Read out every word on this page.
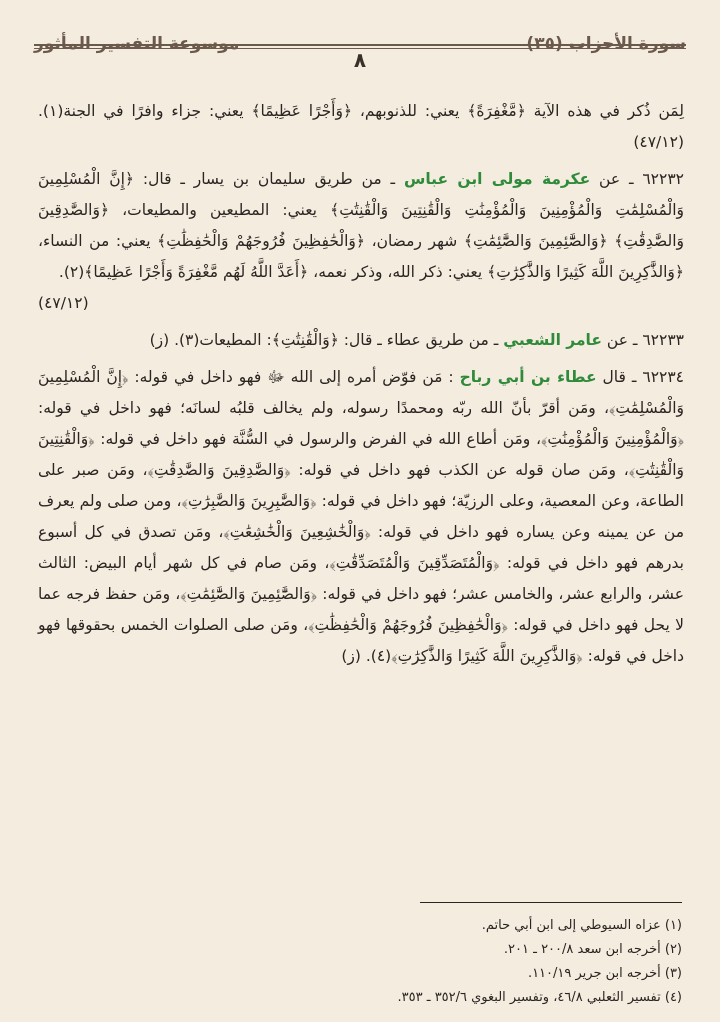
سورة الأحزاب (٣٥)
٨
موسوعة التفسير المأثور

لِمَن ذُكر في هذه الآية ﴿مَّغْفِرَةً﴾ يعني: للذنوبهم، ﴿وَأَجْرًا عَظِيمًا﴾ يعني: جزاء وافرًا في الجنة(١). (٤٧/١٢)

٦٢٢٣٢ ـ عن عكرمة مولى ابن عباس ـ من طريق سليمان بن يسار ـ قال: ﴿إِنَّ الْمُسْلِمِينَ وَالْمُسْلِمَٰتِ وَالْمُؤْمِنِينَ وَالْمُؤْمِنَٰتِ وَالْقَٰنِتِينَ وَالْقَٰنِتَٰتِ﴾ يعني: المطيعين والمطيعات، ﴿وَالصَّٰدِقِينَ وَالصَّٰدِقَٰتِ﴾ ﴿وَالصَّٰٓئِمِينَ وَالصَّٰٓئِمَٰتِ﴾ شهر رمضان، ﴿وَالْحَٰفِظِينَ فُرُوجَهُمْ وَالْحَٰفِظَٰتِ﴾ يعني: من النساء، ﴿وَالذَّٰكِرِينَ اللَّهَ كَثِيرًا وَالذَّٰكِرَٰتِ﴾ يعني: ذكر الله، وذكر نعمه، ﴿أَعَدَّ اللَّهُ لَهُم مَّغْفِرَةً وَأَجْرًا عَظِيمًا﴾(٢).
(٤٧/١٢)

٦٢٢٣٣ ـ عن عامر الشعبي ـ من طريق عطاء ـ قال: ﴿وَالْقَٰنِتَٰتِ﴾: المطيعات(٣). (ز)

٦٢٢٣٤ ـ قال عطاء بن أبي رباح : مَن فوّض أمره إلى الله ﷻ فهو داخل في قوله: ﴿إِنَّ الْمُسْلِمِينَ وَالْمُسْلِمَٰتِ﴾، ومَن أقرّ بأنّ الله ربّه ومحمدًا رسوله، ولم يخالف قلبُه لسانَه؛ فهو داخل في قوله: ﴿وَالْمُؤْمِنِينَ وَالْمُؤْمِنَٰتِ﴾، ومَن أطاع الله في الفرض والرسول في السُّنَّة فهو داخل في قوله: ﴿وَالْقَٰنِتِينَ وَالْقَٰنِتَٰتِ﴾، ومَن صان قوله عن الكذب فهو داخل في قوله: ﴿وَالصَّٰدِقِينَ وَالصَّٰدِقَٰتِ﴾، ومَن صبر على الطاعة، وعن المعصية، وعلى الرزيّة؛ فهو داخل في قوله: ﴿وَالصَّٰبِرِينَ وَالصَّٰبِرَٰتِ﴾، ومن صلى ولم يعرف من عن يمينه وعن يساره فهو داخل في قوله: ﴿وَالْخَٰشِعِينَ وَالْخَٰشِعَٰتِ﴾، ومَن تصدق في كل أسبوع بدرهم فهو داخل في قوله: ﴿وَالْمُتَصَدِّقِينَ وَالْمُتَصَدِّقَٰتِ﴾، ومَن صام في كل شهر أيام البيض: الثالث عشر، والرابع عشر، والخامس عشر؛ فهو داخل في قوله: ﴿وَالصَّٰٓئِمِينَ وَالصَّٰٓئِمَٰتِ﴾، ومَن حفظ فرجه عما لا يحل فهو داخل في قوله: ﴿وَالْحَٰفِظِينَ فُرُوجَهُمْ وَالْحَٰفِظَٰتِ﴾، ومَن صلى الصلوات الخمس بحقوقها فهو داخل في قوله: ﴿وَالذَّٰكِرِينَ اللَّهَ كَثِيرًا وَالذَّٰكِرَٰتِ﴾(٤). (ز)

(١) عزاه السيوطي إلى ابن أبي حاتم.
(٢) أخرجه ابن سعد ٢٠٠/٨ ـ ٢٠١.
(٣) أخرجه ابن جرير ١١٠/١٩.
(٤) تفسير الثعلبي ٤٦/٨، وتفسير البغوي ٣٥٢/٦ ـ ٣٥٣.
